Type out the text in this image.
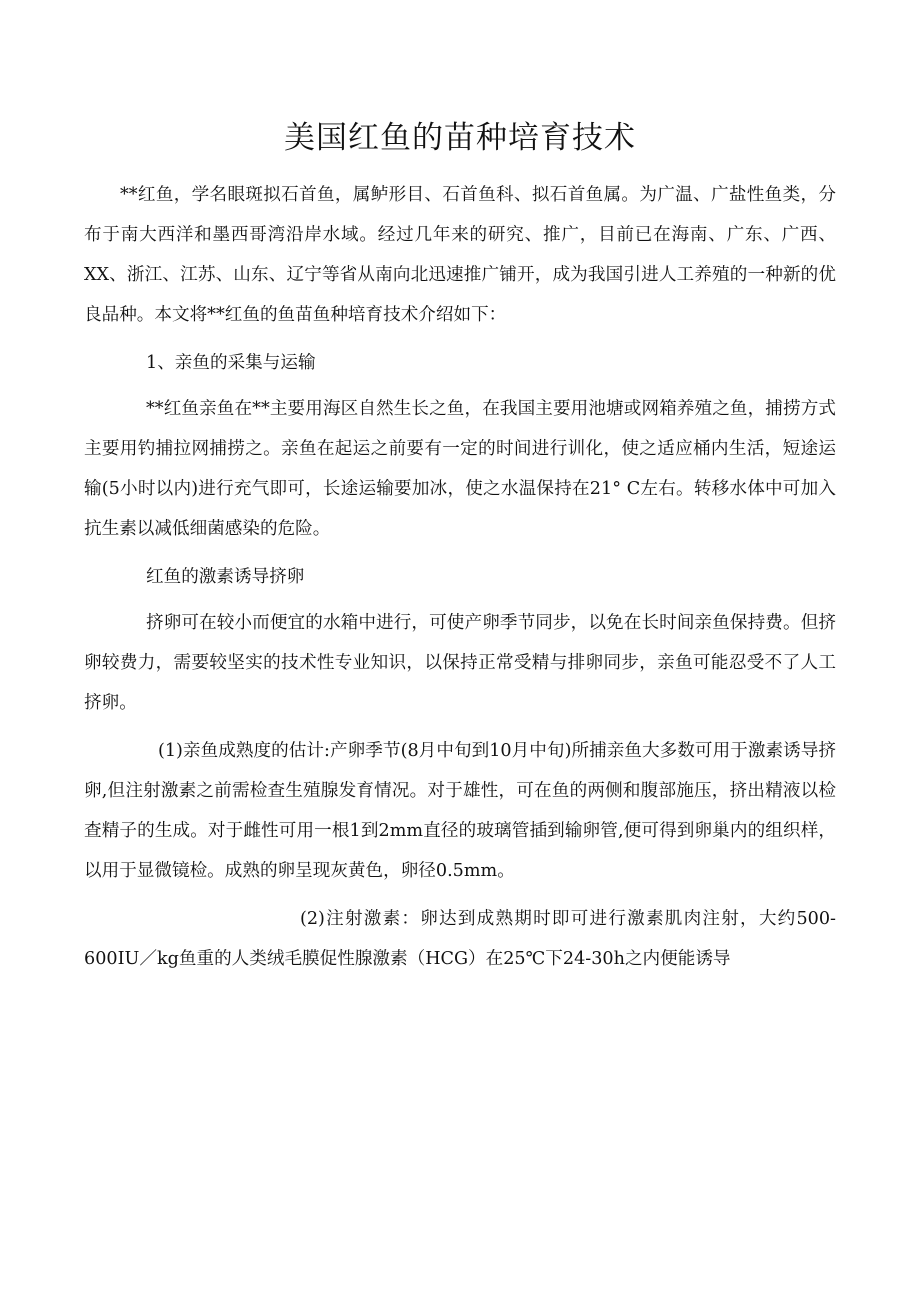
美国红鱼的苗种培育技术

**红鱼，学名眼斑拟石首鱼，属鲈形目、石首鱼科、拟石首鱼属。为广温、广盐性鱼类，分布于南大西洋和墨西哥湾沿岸水域。经过几年来的研究、推广，目前已在海南、广东、广西、XX、浙江、江苏、山东、辽宁等省从南向北迅速推广铺开，成为我国引进人工养殖的一种新的优良品种。本文将**红鱼的鱼苗鱼种培育技术介绍如下：

1、亲鱼的采集与运输

**红鱼亲鱼在**主要用海区自然生长之鱼，在我国主要用池塘或网箱养殖之鱼，捕捞方式主要用钓捕拉网捕捞之。亲鱼在起运之前要有一定的时间进行训化，使之适应桶内生活，短途运输(5小时以内)进行充气即可，长途运输要加冰，使之水温保持在21° C左右。转移水体中可加入抗生素以减低细菌感染的危险。

红鱼的激素诱导挤卵

挤卵可在较小而便宜的水箱中进行，可使产卵季节同步，以免在长时间亲鱼保持费。但挤卵较费力，需要较坚实的技术性专业知识，以保持正常受精与排卵同步，亲鱼可能忍受不了人工挤卵。

(1)亲鱼成熟度的估计:产卵季节(8月中旬到10月中旬)所捕亲鱼大多数可用于激素诱导挤卵,但注射激素之前需检查生殖腺发育情况。对于雄性，可在鱼的两侧和腹部施压，挤出精液以检查精子的生成。对于雌性可用一根1到2mm直径的玻璃管插到输卵管,便可得到卵巢内的组织样，以用于显微镜检。成熟的卵呈现灰黄色，卵径0.5mm。

(2)注射激素：卵达到成熟期时即可进行激素肌肉注射，大约500-600IU／kg鱼重的人类绒毛膜促性腺激素（HCG）在25℃下24-30h之内便能诱导
